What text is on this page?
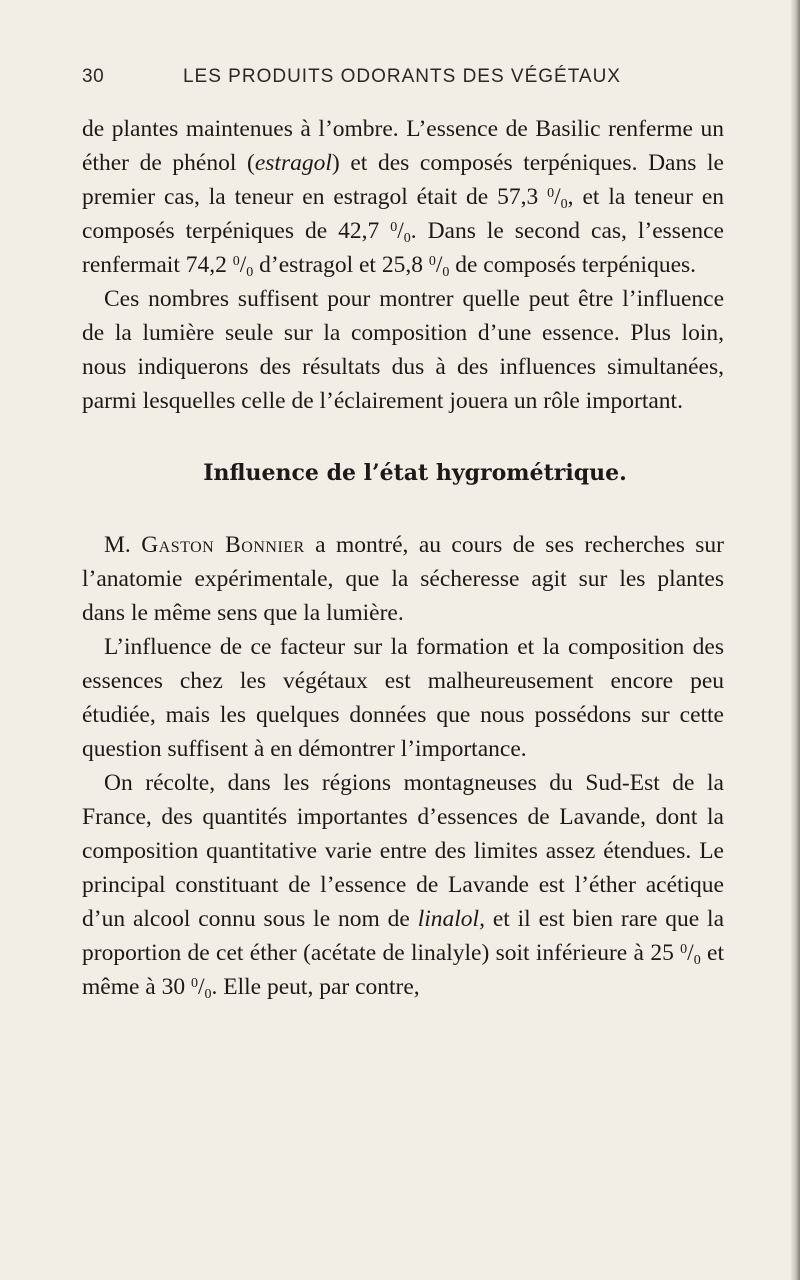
30	LES PRODUITS ODORANTS DES VÉGÉTAUX

de plantes maintenues à l’ombre. L’essence de Basilic renferme un éther de phénol (estragol) et des composés terpéniques. Dans le premier cas, la teneur en estragol était de 57,3 $^0/_0$, et la teneur en composés terpéniques de 42,7 $^0/_0$. Dans le second cas, l’essence renfermait 74,2 $^0/_0$ d’estragol et 25,8 $^0/_0$ de composés terpéniques.

Ces nombres suffisent pour montrer quelle peut être l’influence de la lumière seule sur la composition d’une essence. Plus loin, nous indiquerons des résultats dus à des influences simultanées, parmi lesquelles celle de l’éclairement jouera un rôle important.

Influence de l’état hygrométrique.

M. Gaston Bonnier a montré, au cours de ses recherches sur l’anatomie expérimentale, que la sécheresse agit sur les plantes dans le même sens que la lumière.

L’influence de ce facteur sur la formation et la composition des essences chez les végétaux est malheureusement encore peu étudiée, mais les quelques données que nous possédons sur cette question suffisent à en démontrer l’importance.

On récolte, dans les régions montagneuses du Sud-Est de la France, des quantités importantes d’essences de Lavande, dont la composition quantitative varie entre des limites assez étendues. Le principal constituant de l’essence de Lavande est l’éther acétique d’un alcool connu sous le nom de linalol, et il est bien rare que la proportion de cet éther (acétate de linalyle) soit inférieure à 25 $^0/_0$ et même à 30 $^0/_0$. Elle peut, par contre,
